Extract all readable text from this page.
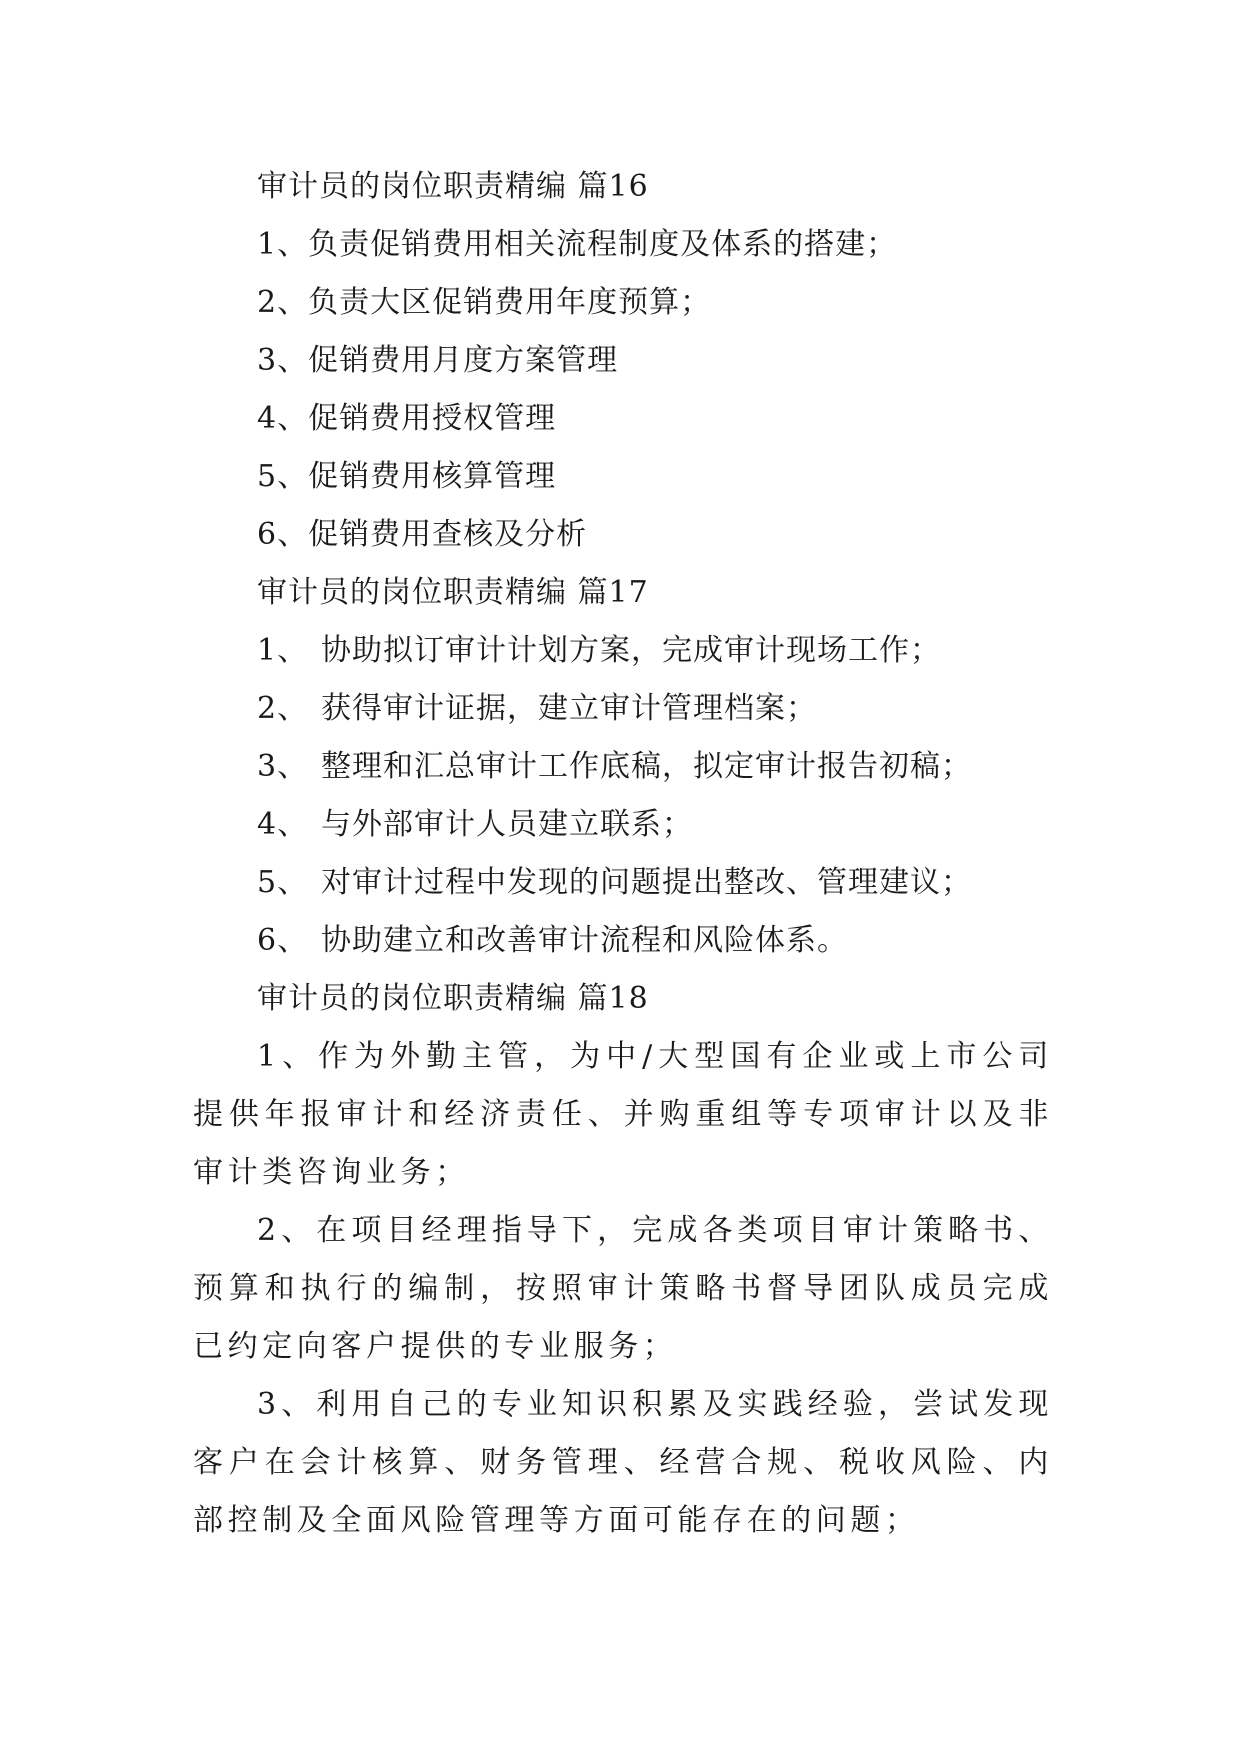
审计员的岗位职责精编 篇16
1、负责促销费用相关流程制度及体系的搭建；
2、负责大区促销费用年度预算；
3、促销费用月度方案管理
4、促销费用授权管理
5、促销费用核算管理
6、促销费用查核及分析
审计员的岗位职责精编 篇17
1、 协助拟订审计计划方案，完成审计现场工作；
2、 获得审计证据，建立审计管理档案；
3、 整理和汇总审计工作底稿，拟定审计报告初稿；
4、 与外部审计人员建立联系；
5、 对审计过程中发现的问题提出整改、管理建议；
6、 协助建立和改善审计流程和风险体系。
审计员的岗位职责精编 篇18

1、作为外勤主管，为中/大型国有企业或上市公司提供年报审计和经济责任、并购重组等专项审计以及非审计类咨询业务；

2、在项目经理指导下，完成各类项目审计策略书、预算和执行的编制，按照审计策略书督导团队成员完成已约定向客户提供的专业服务；

3、利用自己的专业知识积累及实践经验，尝试发现客户在会计核算、财务管理、经营合规、税收风险、内部控制及全面风险管理等方面可能存在的问题；
